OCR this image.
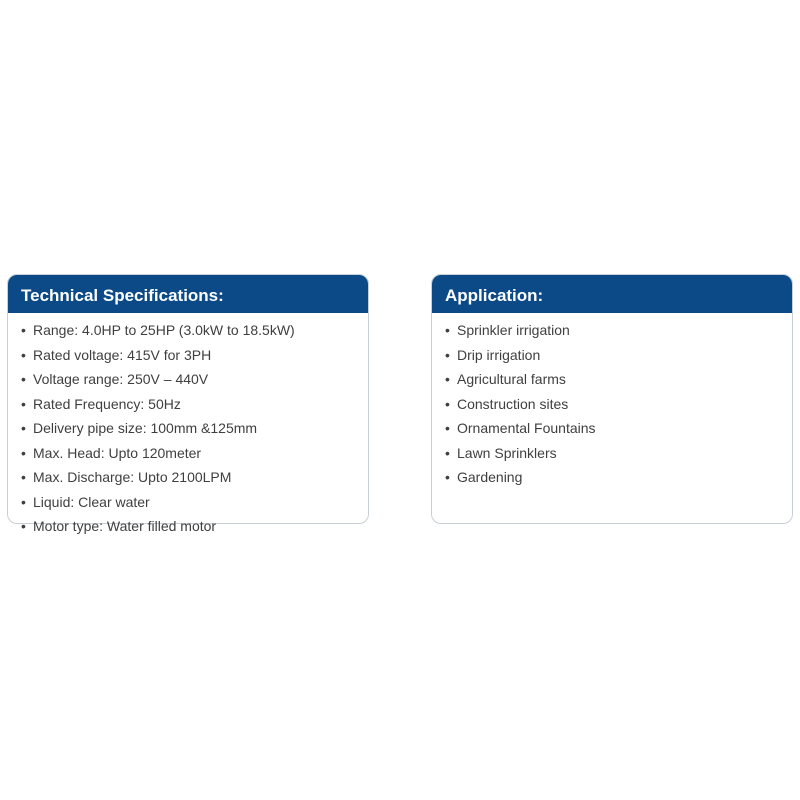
Technical Specifications:
• Range: 4.0HP to 25HP (3.0kW to 18.5kW)
• Rated voltage: 415V for 3PH
• Voltage range: 250V – 440V
• Rated Frequency: 50Hz
• Delivery pipe size: 100mm &125mm
• Max. Head: Upto 120meter
• Max. Discharge: Upto 2100LPM
• Liquid: Clear water
• Motor type: Water filled motor
Application:
• Sprinkler irrigation
• Drip irrigation
• Agricultural farms
• Construction sites
• Ornamental Fountains
• Lawn Sprinklers
• Gardening
